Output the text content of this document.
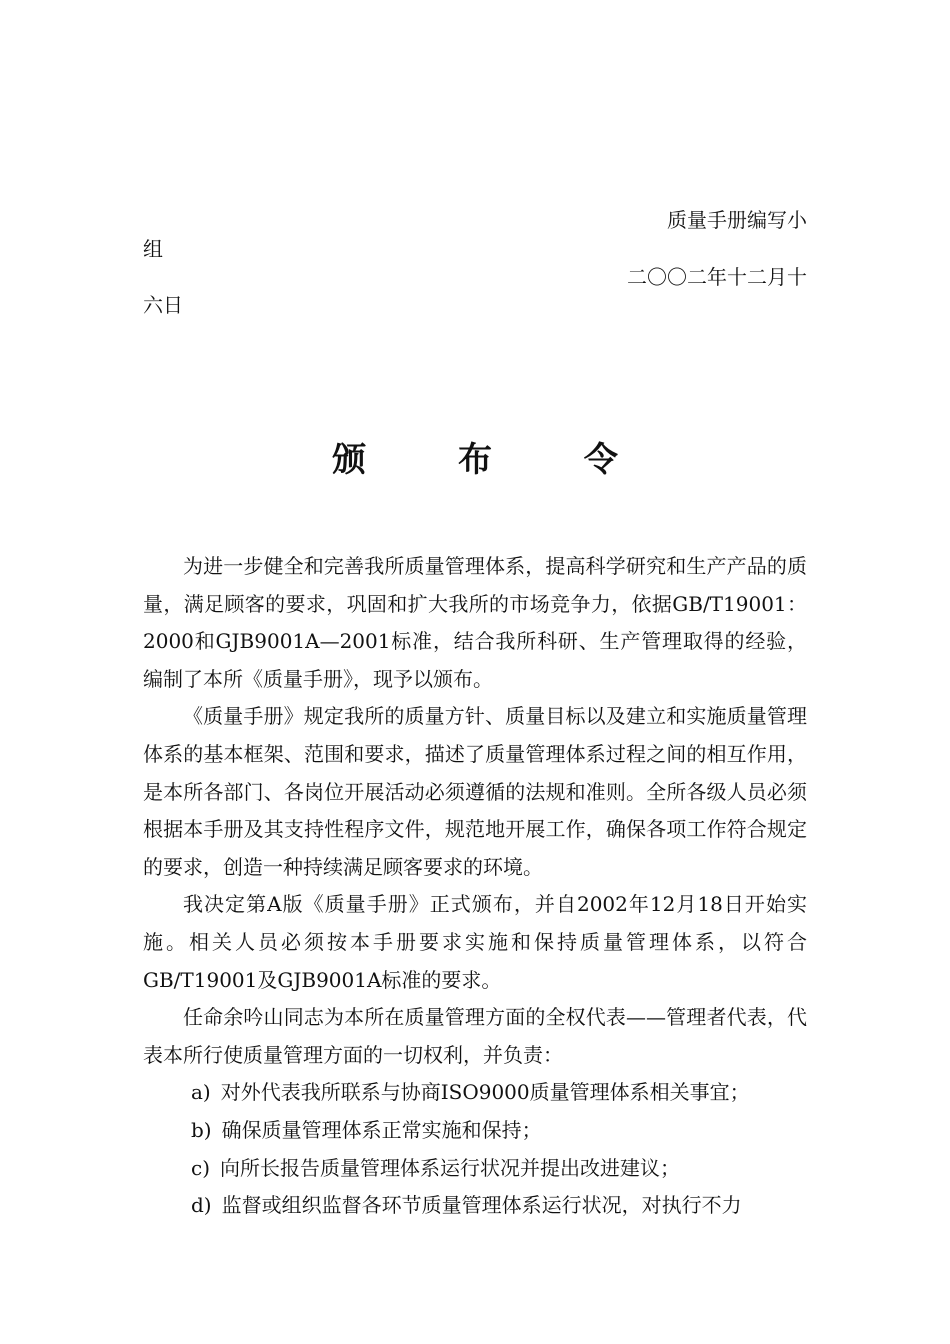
质量手册编写小
组
二〇〇二年十二月十
六日
颁 布 令

为进一步健全和完善我所质量管理体系，提高科学研究和生产产品的质量，满足顾客的要求，巩固和扩大我所的市场竞争力，依据GB/T19001：2000和GJB9001A—2001标准，结合我所科研、生产管理取得的经验，编制了本所《质量手册》，现予以颁布。

《质量手册》规定我所的质量方针、质量目标以及建立和实施质量管理体系的基本框架、范围和要求，描述了质量管理体系过程之间的相互作用，是本所各部门、各岗位开展活动必须遵循的法规和准则。全所各级人员必须根据本手册及其支持性程序文件，规范地开展工作，确保各项工作符合规定的要求，创造一种持续满足顾客要求的环境。

我决定第A版《质量手册》正式颁布，并自2002年12月18日开始实施。相关人员必须按本手册要求实施和保持质量管理体系，以符合GB/T19001及GJB9001A标准的要求。

任命余吟山同志为本所在质量管理方面的全权代表——管理者代表，代表本所行使质量管理方面的一切权利，并负责：

a) 对外代表我所联系与协商ISO9000质量管理体系相关事宜；

b) 确保质量管理体系正常实施和保持；

c) 向所长报告质量管理体系运行状况并提出改进建议；

d) 监督或组织监督各环节质量管理体系运行状况，对执行不力
